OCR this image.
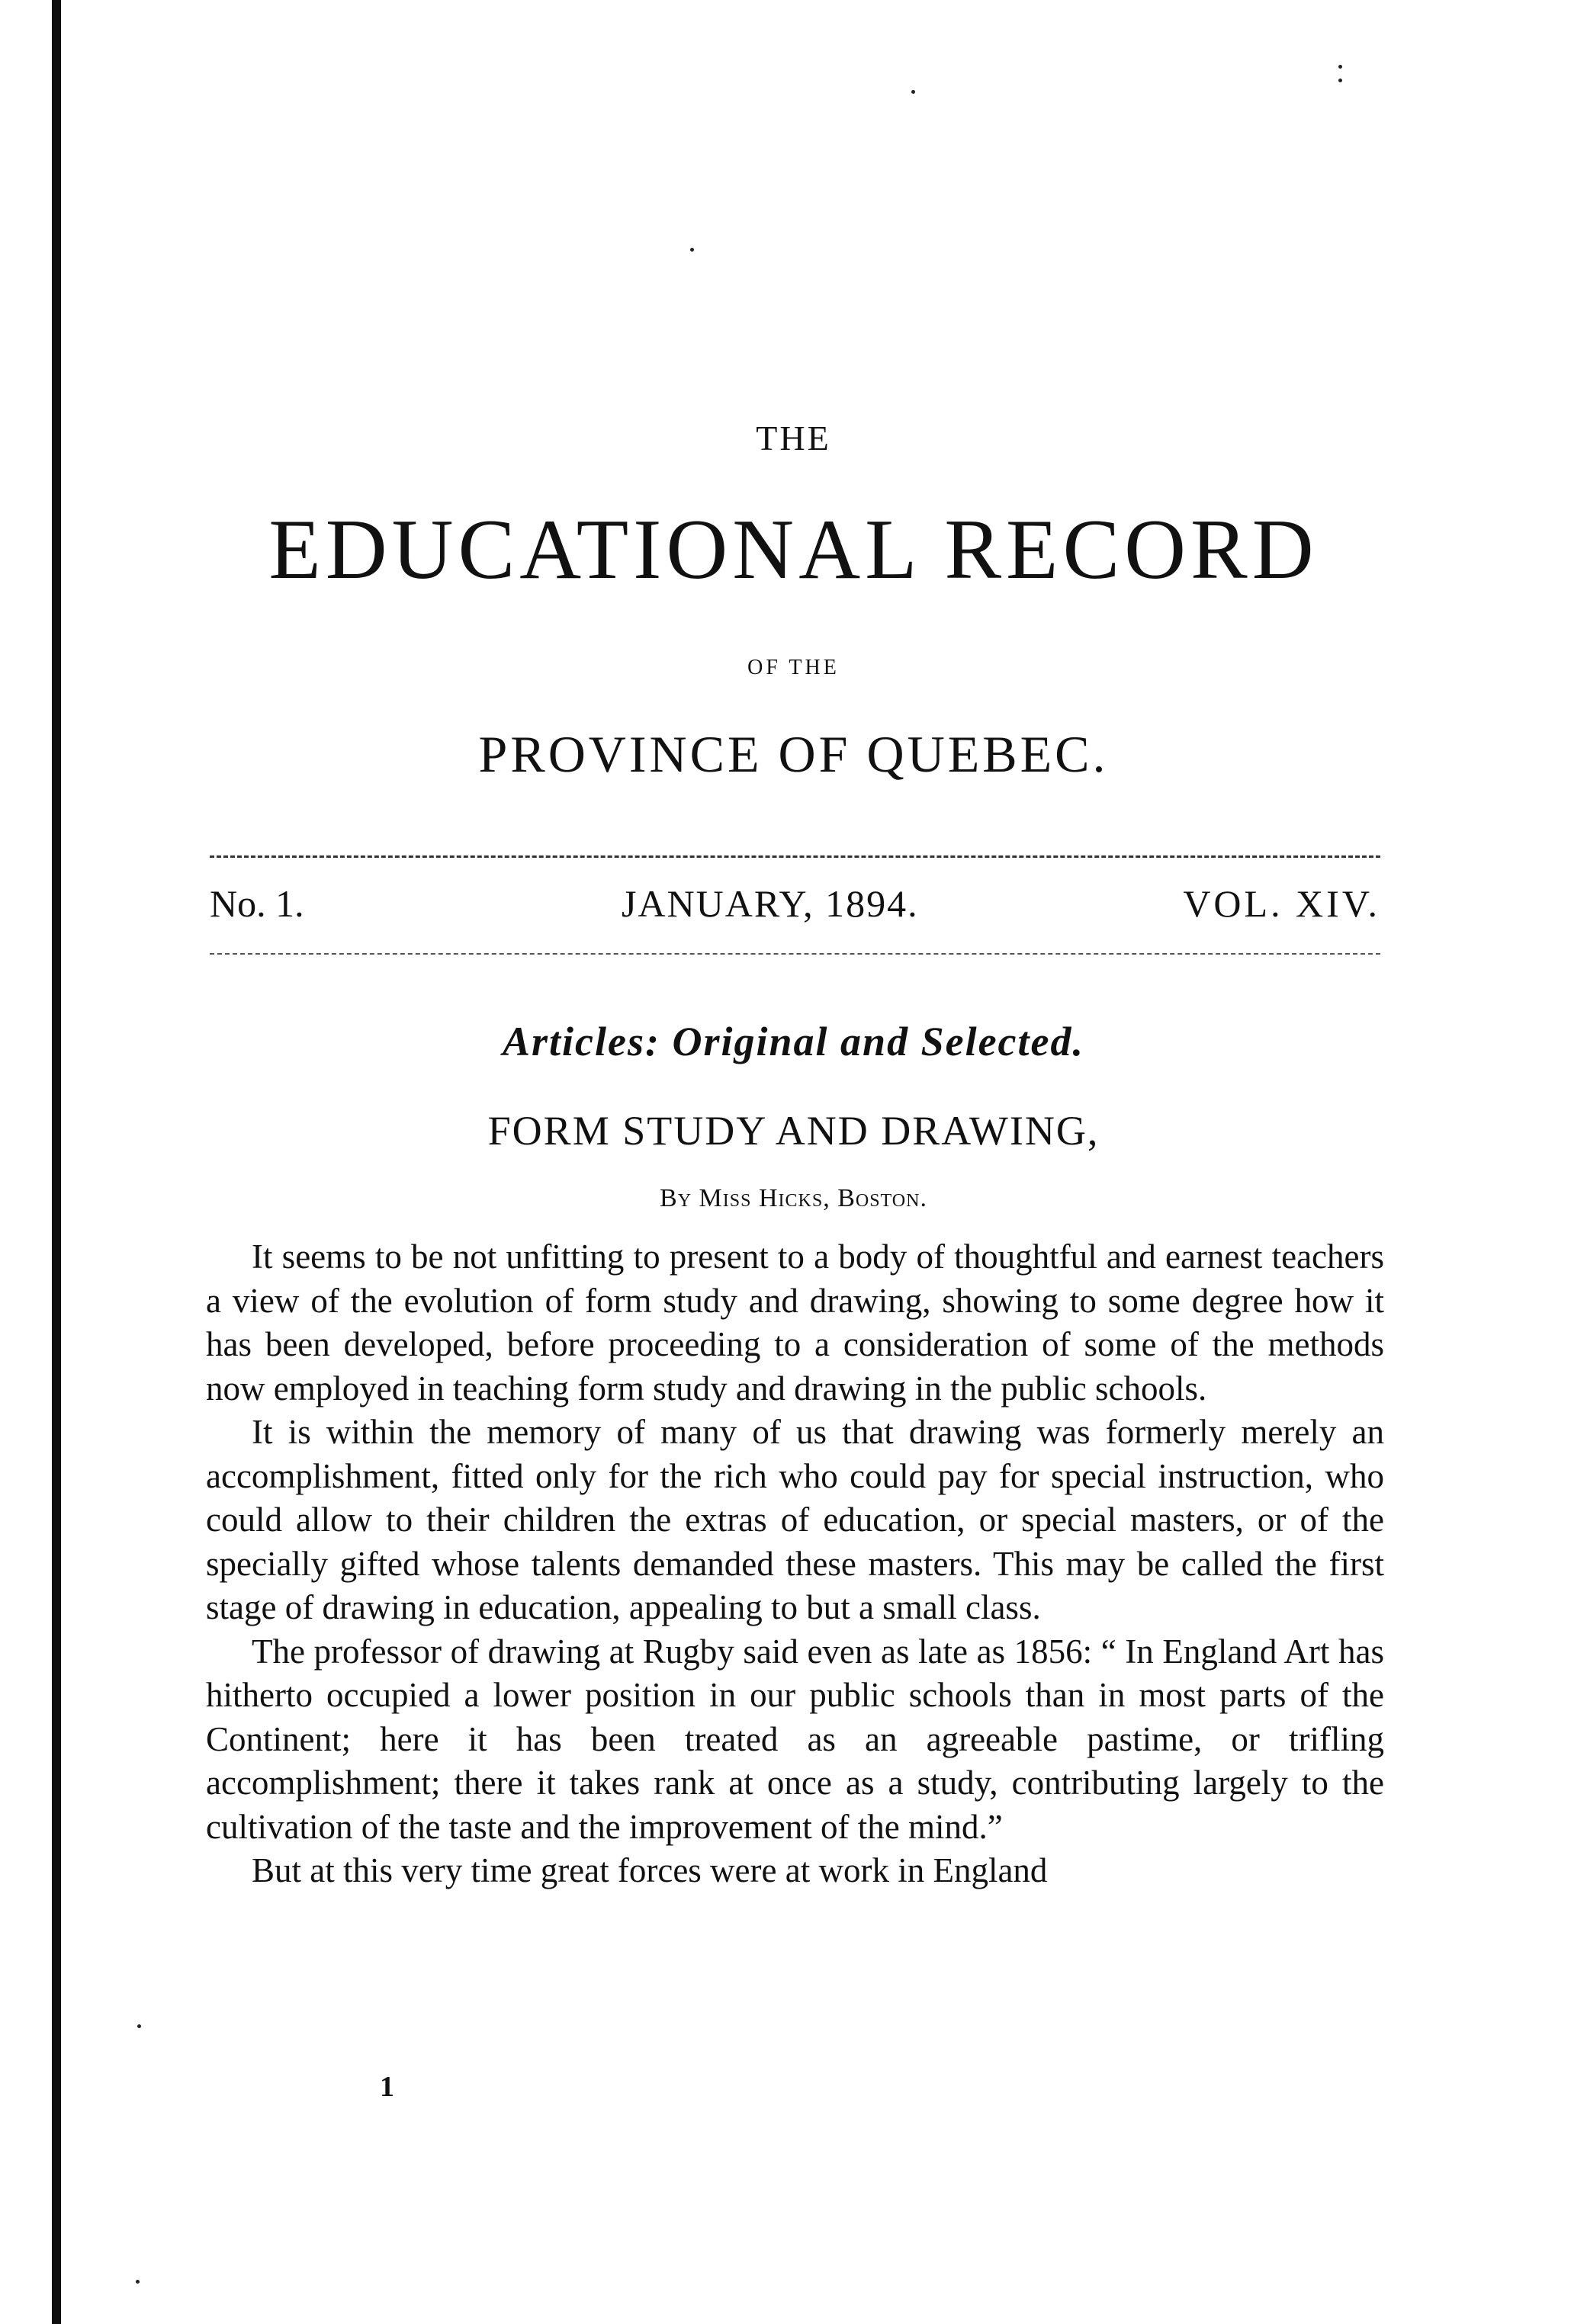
THE
EDUCATIONAL RECORD
OF THE
PROVINCE OF QUEBEC.
No. 1.	JANUARY, 1894.	VOL. XIV.
Articles: Original and Selected.
FORM STUDY AND DRAWING,
By Miss Hicks, Boston.

It seems to be not unfitting to present to a body of thoughtful and earnest teachers a view of the evolution of form study and drawing, showing to some degree how it has been developed, before proceeding to a consideration of some of the methods now employed in teaching form study and drawing in the public schools.

It is within the memory of many of us that drawing was formerly merely an accomplishment, fitted only for the rich who could pay for special instruction, who could allow to their children the extras of education, or special masters, or of the specially gifted whose talents demanded these masters. This may be called the first stage of drawing in education, appealing to but a small class.

The professor of drawing at Rugby said even as late as 1856: “ In England Art has hitherto occupied a lower position in our public schools than in most parts of the Continent; here it has been treated as an agreeable pastime, or trifling accomplishment; there it takes rank at once as a study, contributing largely to the cultivation of the taste and the improvement of the mind.”

But at this very time great forces were at work in England

1
